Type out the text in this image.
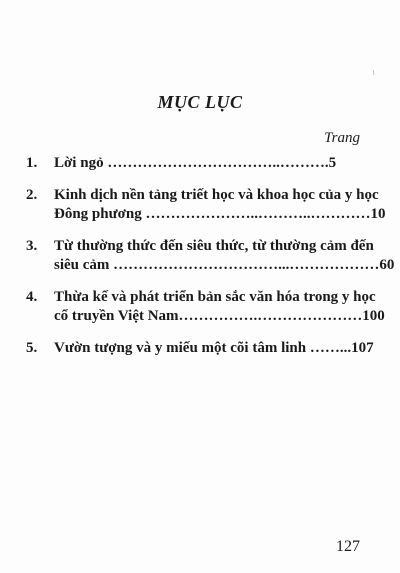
MỤC LỤC
Trang
1.	Lời ngỏ ……………………………..……….5
2.	Kinh dịch nền tảng triết học và khoa học của y học
Đông phương …………………..………..…………10
3.	Từ thường thức đến siêu thức, từ thường cảm đến
siêu cảm ……………………………...………………60
4.	Thừa kế và phát triển bản sắc văn hóa trong y học
cổ truyền Việt Nam…………….…………………100
5.	Vườn tượng và y miếu một cõi tâm linh ……...107
127
